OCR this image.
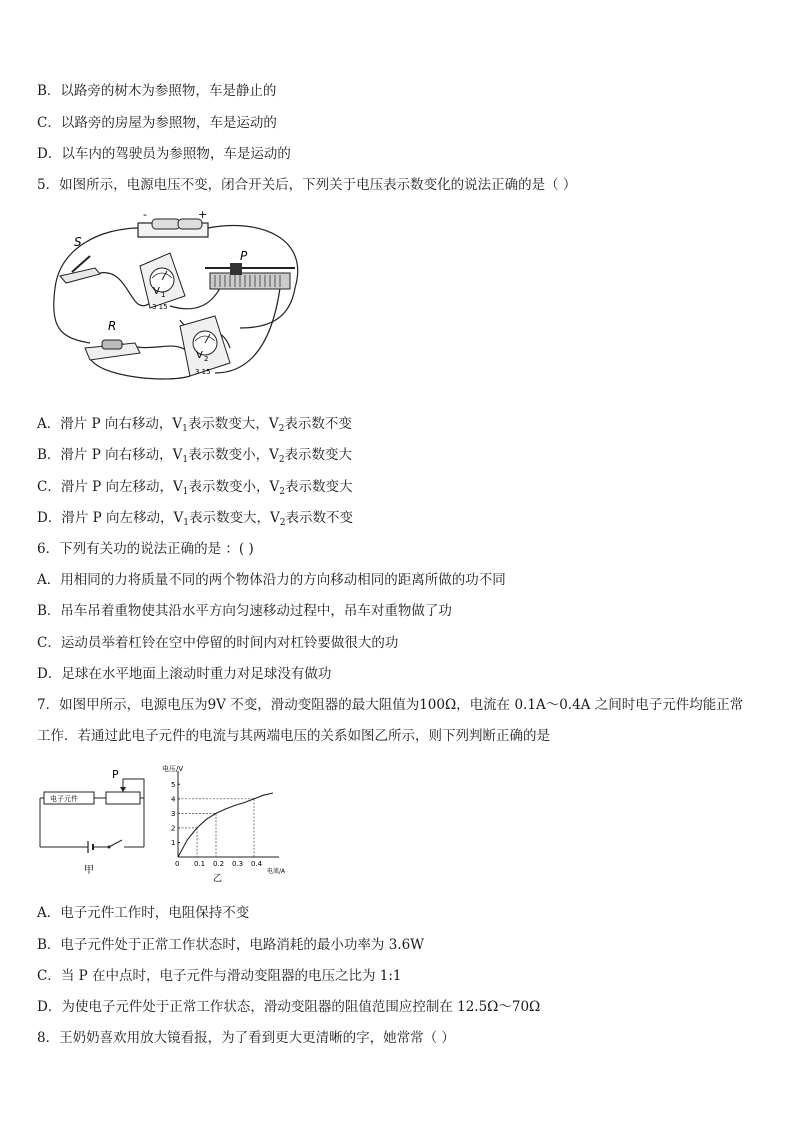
B．以路旁的树木为参照物，车是静止的
C．以路旁的房屋为参照物，车是运动的
D．以车内的驾驶员为参照物，车是运动的
5．如图所示，电源电压不变，闭合开关后，下列关于电压表示数变化的说法正确的是（ ）
-	+
S
V 1
3 15
P
R
V 2
3 15
A．滑片 P 向右移动，$V_1$表示数变大，$V_2$表示数不变
B．滑片 P 向右移动，$V_1$表示数变小，$V_2$表示数变大
C．滑片 P 向左移动，$V_1$表示数变小，$V_2$表示数变大
D．滑片 P 向左移动，$V_1$表示数变大，$V_2$表示数不变
6．下列有关功的说法正确的是 ：( )
A．用相同的力将质量不同的两个物体沿力的方向移动相同的距离所做的功不同
B．吊车吊着重物使其沿水平方向匀速移动过程中，吊车对重物做了功
C．运动员举着杠铃在空中停留的时间内对杠铃要做很大的功
D．足球在水平地面上滚动时重力对足球没有做功
7．如图甲所示，电源电压为9V 不变，滑动变阻器的最大阻值为100Ω，电流在 0.1A～0.4A 之间时电子元件均能正常
工作．若通过此电子元件的电流与其两端电压的关系如图乙所示，则下列判断正确的是
电子元件
P
甲
电压/V
电流/A
1
2
3
4
5
0 0.1 0.2 0.3 0.4
乙
A．电子元件工作时，电阻保持不变
B．电子元件处于正常工作状态时，电路消耗的最小功率为 3.6W
C．当 P 在中点时，电子元件与滑动变阻器的电压之比为 1:1
D．为使电子元件处于正常工作状态，滑动变阻器的阻值范围应控制在 12.5Ω～70Ω
8．王奶奶喜欢用放大镜看报，为了看到更大更清晰的字，她常常（ ）
